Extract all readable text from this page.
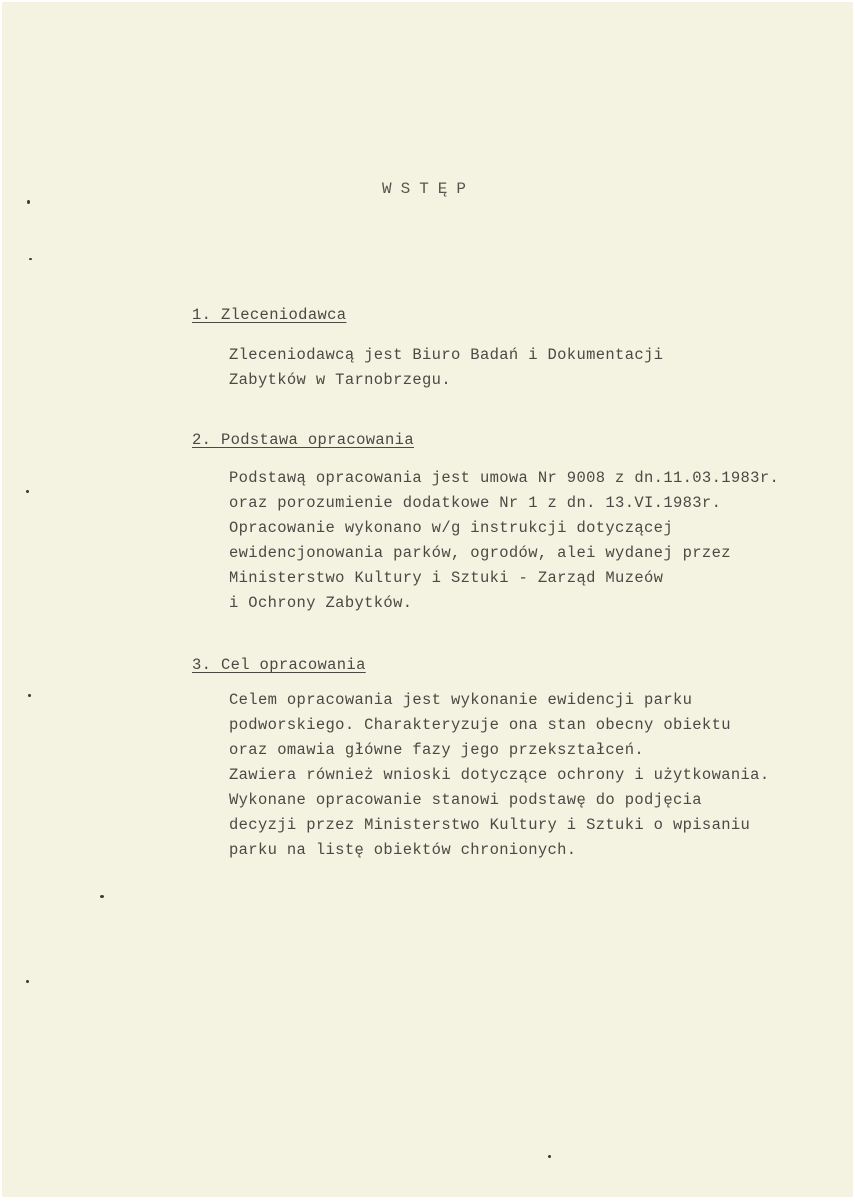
WSTĘP
1. Zleceniodawca
Zleceniodawcą jest Biuro Badań i Dokumentacji
Zabytków w Tarnobrzegu.
2. Podstawa opracowania
Podstawą opracowania jest umowa Nr 9008 z dn.11.03.1983r.
oraz porozumienie dodatkowe Nr 1 z dn. 13.VI.1983r.
Opracowanie wykonano w/g instrukcji dotyczącej
ewidencjonowania parków, ogrodów, alei wydanej przez
Ministerstwo Kultury i Sztuki - Zarząd Muzeów
i Ochrony Zabytków.
3. Cel opracowania
Celem opracowania jest wykonanie ewidencji parku
podworskiego. Charakteryzuje ona stan obecny obiektu
oraz omawia główne fazy jego przekształceń.
Zawiera również wnioski dotyczące ochrony i użytkowania.
Wykonane opracowanie stanowi podstawę do podjęcia
decyzji przez Ministerstwo Kultury i Sztuki o wpisaniu
parku na listę obiektów chronionych.
